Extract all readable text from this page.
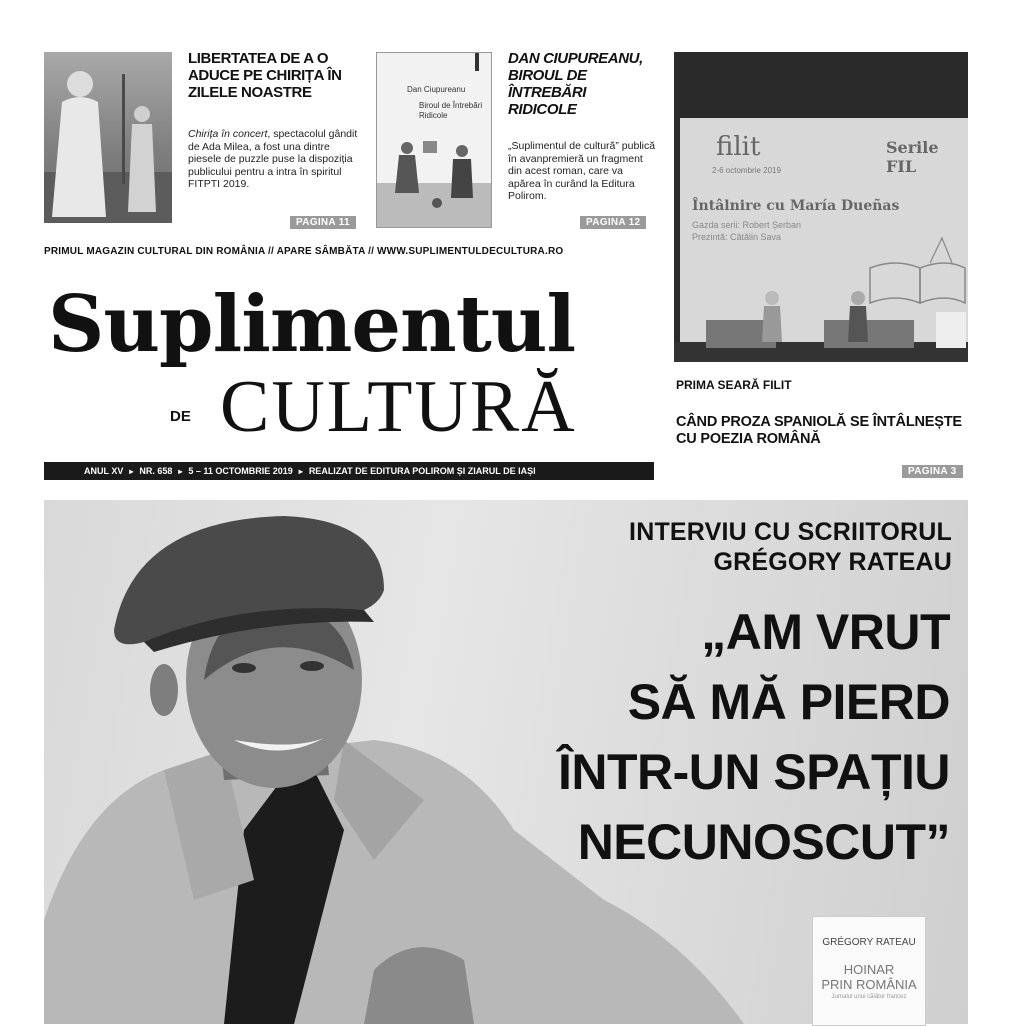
LIBERTATEA DE A O ADUCE PE CHIRIȚA ÎN ZILELE NOASTRE
Chirița în concert, spectacolul gândit de Ada Milea, a fost una dintre piesele de puzzle puse la dispoziția publicului pentru a intra în spiritul FITPTI 2019.
PAGINA 11
Dan Ciupureanu
Biroul de Întrebări Ridicole
DAN CIUPUREANU,
BIROUL DE ÎNTREBĂRI RIDICOLE
„Suplimentul de cultură” publică în avanpremieră un fragment din acest roman, care va apărea în curând la Editura Polirom.
PAGINA 12
PRIMUL MAGAZIN CULTURAL DIN ROMÂNIA // APARE SÂMBĂTA // WWW.SUPLIMENTULDECULTURA.RO
Suplimentul
DE CULTURĂ
ANUL XV ▸ NR. 658 ▸ 5 – 11 OCTOMBRIE 2019 ▸ REALIZAT DE EDITURA POLIROM ȘI ZIARUL DE IAȘI
filit
2-6 octombrie 2019
Serile FIL
Întâlnire cu María Dueñas
Gazda serii: Robert Șerban
Prezintă: Cătălin Sava
PRIMA SEARĂ FILIT
CÂND PROZA SPANIOLĂ SE ÎNTÂLNEȘTE CU POEZIA ROMÂNĂ
PAGINA 3
INTERVIU CU SCRIITORUL
GRÉGORY RATEAU
„AM VRUT
SĂ MĂ PIERD
ÎNTR-UN SPAȚIU
NECUNOSCUT”
GRÉGORY RATEAU
HOINAR
PRIN ROMÂNIA
Jurnalul unui călător francez
